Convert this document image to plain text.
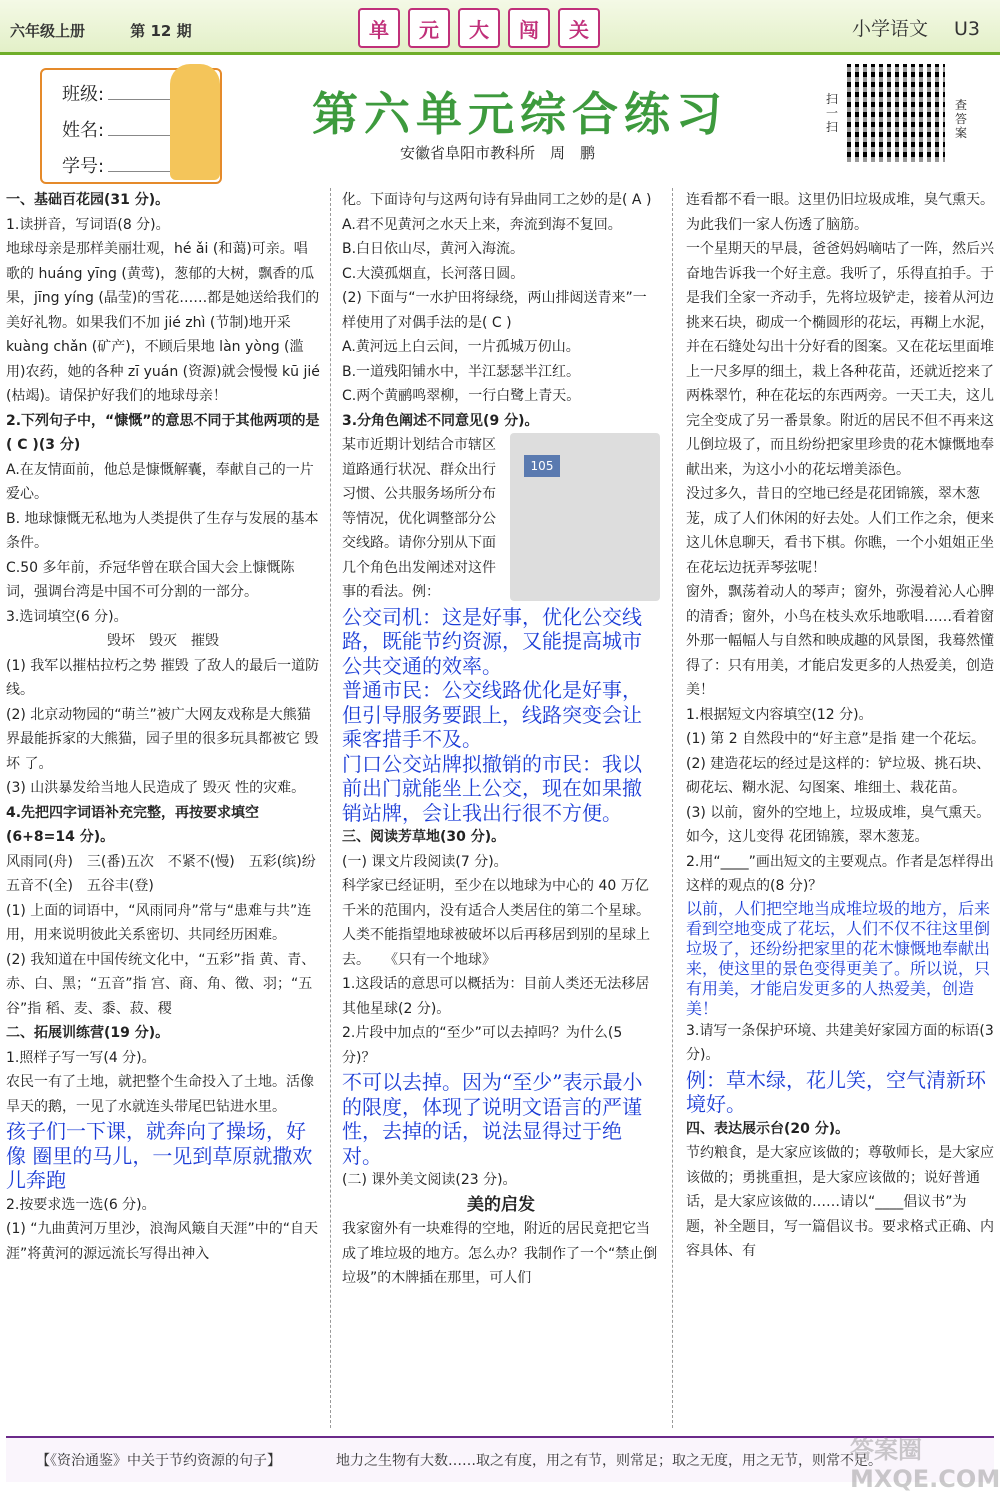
六年级上册	第 12 期	单	元	大	闯	关	小学语文 U3
班级:
姓名:
学号:
第六单元综合练习
安徽省阜阳市教科所　周　鹏
扫一扫
查答案

一、基础百花园(31 分)。

1.读拼音，写词语(8 分)。

地球母亲是那样美丽壮观，hé ǎi (和蔼)可亲。唱歌的 huáng yīng (黄莺)，葱郁的大树，飘香的瓜果，jīng yíng (晶莹)的雪花……都是她送给我们的美好礼物。如果我们不加 jié zhì (节制)地开采 kuàng chǎn (矿产)，不顾后果地 làn yòng (滥用)农药，她的各种 zī yuán (资源)就会慢慢 kū jié (枯竭)。请保护好我们的地球母亲！

2.下列句子中，“慷慨”的意思不同于其他两项的是( C )(3 分)

A.在友情面前，他总是慷慨解囊，奉献自己的一片爱心。

B. 地球慷慨无私地为人类提供了生存与发展的基本条件。

C.50 多年前，乔冠华曾在联合国大会上慷慨陈词，强调台湾是中国不可分割的一部分。

3.选词填空(6 分)。

毁坏　毁灭　摧毁

(1) 我军以摧枯拉朽之势 摧毁 了敌人的最后一道防线。

(2) 北京动物园的“萌兰”被广大网友戏称是大熊猫界最能拆家的大熊猫，园子里的很多玩具都被它 毁坏 了。

(3) 山洪暴发给当地人民造成了 毁灭 性的灾难。

4.先把四字词语补充完整，再按要求填空(6+8=14 分)。

风雨同(舟)　三(番)五次　不紧不(慢)　五彩(缤)纷　五音不(全)　五谷丰(登)

(1) 上面的词语中，“风雨同舟”常与“患难与共”连用，用来说明彼此关系密切、共同经历困难。

(2) 我知道在中国传统文化中，“五彩”指 黄、青、赤、白、黑；“五音”指 宫、商、角、徵、羽；“五谷”指 稻、麦、黍、菽、稷

二、拓展训练营(19 分)。

1.照样子写一写(4 分)。

农民一有了土地，就把整个生命投入了土地。活像旱天的鹅，一见了水就连头带尾巴钻进水里。

孩子们一下课，就奔向了操场，好像 圈里的马儿，一见到草原就撒欢儿奔跑

2.按要求选一选(6 分)。

(1) “九曲黄河万里沙，浪淘风簸自天涯”中的“自天涯”将黄河的源远流长写得出神入

化。下面诗句与这两句诗有异曲同工之妙的是( A )

A.君不见黄河之水天上来，奔流到海不复回。

B.白日依山尽，黄河入海流。

C.大漠孤烟直，长河落日圆。

(2) 下面与“一水护田将绿绕，两山排闼送青来”一样使用了对偶手法的是( C )

A.黄河远上白云间，一片孤城万仞山。

B.一道残阳铺水中，半江瑟瑟半江红。

C.两个黄鹂鸣翠柳，一行白鹭上青天。

3.分角色阐述不同意见(9 分)。

105

某市近期计划结合市辖区道路通行状况、群众出行习惯、公共服务场所分布等情况，优化调整部分公交线路。请你分别从下面几个角色出发阐述对这件事的看法。例：

公交司机：这是好事，优化公交线路，既能节约资源，又能提高城市公共交通的效率。

普通市民：公交线路优化是好事，但引导服务要跟上，线路突变会让乘客措手不及。

门口公交站牌拟撤销的市民：我以前出门就能坐上公交，现在如果撤销站牌，会让我出行很不方便。

三、阅读芳草地(30 分)。

(一) 课文片段阅读(7 分)。

科学家已经证明，至少在以地球为中心的 40 万亿千米的范围内，没有适合人类居住的第二个星球。人类不能指望地球被破坏以后再移居到别的星球上去。　　《只有一个地球》

1.这段话的意思可以概括为：目前人类还无法移居其他星球(2 分)。

2.片段中加点的“至少”可以去掉吗？为什么(5 分)？

不可以去掉。因为“至少”表示最小的限度，体现了说明文语言的严谨性，去掉的话，说法显得过于绝对。

(二) 课外美文阅读(23 分)。

美的启发

我家窗外有一块难得的空地，附近的居民竟把它当成了堆垃圾的地方。怎么办？我制作了一个“禁止倒垃圾”的木牌插在那里，可人们

连看都不看一眼。这里仍旧垃圾成堆，臭气熏天。为此我们一家人伤透了脑筋。

一个星期天的早晨，爸爸妈妈嘀咕了一阵，然后兴奋地告诉我一个好主意。我听了，乐得直拍手。于是我们全家一齐动手，先将垃圾铲走，接着从河边挑来石块，砌成一个椭圆形的花坛，再糊上水泥，并在石缝处勾出十分好看的图案。又在花坛里面堆上一尺多厚的细土，栽上各种花苗，还就近挖来了两株翠竹，种在花坛的东西两旁。一天工夫，这儿完全变成了另一番景象。附近的居民不但不再来这儿倒垃圾了，而且纷纷把家里珍贵的花木慷慨地奉献出来，为这小小的花坛增美添色。

没过多久，昔日的空地已经是花团锦簇，翠木葱茏，成了人们休闲的好去处。人们工作之余，便来这儿休息聊天，看书下棋。你瞧，一个小姐姐正坐在花坛边抚弄琴弦呢！

窗外，飘荡着动人的琴声；窗外，弥漫着沁人心脾的清香；窗外，小鸟在枝头欢乐地歌唱……看着窗外那一幅幅人与自然和映成趣的风景图，我蓦然懂得了：只有用美，才能启发更多的人热爱美，创造美！

1.根据短文内容填空(12 分)。

(1) 第 2 自然段中的“好主意”是指 建一个花坛。

(2) 建造花坛的经过是这样的：铲垃圾、挑石块、砌花坛、糊水泥、勾图案、堆细土、栽花苗。

(3) 以前，窗外的空地上，垃圾成堆，臭气熏天。如今，这儿变得 花团锦簇，翠木葱茏。

2.用“____”画出短文的主要观点。作者是怎样得出这样的观点的(8 分)？

以前，人们把空地当成堆垃圾的地方，后来看到空地变成了花坛，人们不仅不往这里倒垃圾了，还纷纷把家里的花木慷慨地奉献出来，使这里的景色变得更美了。所以说，只有用美，才能启发更多的人热爱美，创造美！

3.请写一条保护环境、共建美好家园方面的标语(3 分)。

例：草木绿，花儿笑，空气清新环境好。

四、表达展示台(20 分)。

节约粮食，是大家应该做的；尊敬师长，是大家应该做的；勇挑重担，是大家应该做的；说好普通话，是大家应该做的……请以“____倡议书”为题，补全题目，写一篇倡议书。要求格式正确、内容具体、有

【《资治通鉴》中关于节约资源的句子】	地力之生物有大数……取之有度，用之有节，则常足；取之无度，用之无节，则常不足。
答案圈 MXQE.COM
